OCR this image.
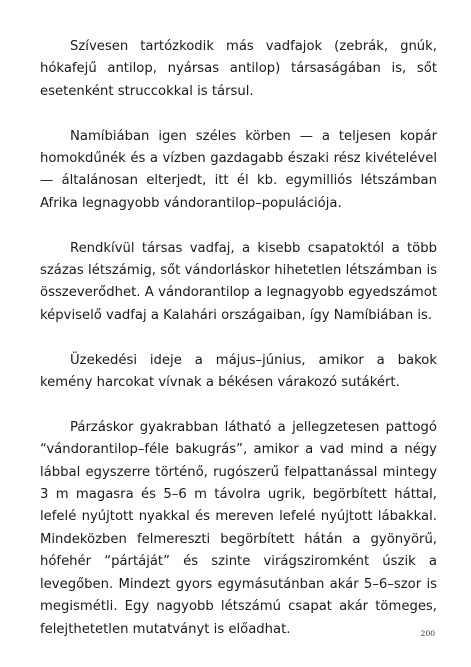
Szívesen tartózkodik más vadfajok (zebrák, gnúk, hókafejű antilop, nyársas antilop) társaságában is, sőt esetenként struccokkal is társul.

Namíbiában igen széles körben — a teljesen kopár homokdűnék és a vízben gazdagabb északi rész kivételével — általánosan elterjedt, itt él kb. egymilliós létszámban Afrika legnagyobb vándorantilop–populációja.

Rendkívül társas vadfaj, a kisebb csapatoktól a több százas létszámig, sőt vándorláskor hihetetlen létszámban is összeverődhet. A vándorantilop a legnagyobb egyedszámot képviselő vadfaj a Kalahári országaiban, így Namíbiában is.

Üzekedési ideje a május–június, amikor a bakok kemény harcokat vívnak a békésen várakozó sutákért.

Párzáskor gyakrabban látható a jellegzetesen pattogó “vándorantilop–féle bakugrás”, amikor a vad mind a négy lábbal egyszerre történő, rugószerű felpattanással mintegy 3 m magasra és 5–6 m távolra ugrik, begörbített háttal, lefelé nyújtott nyakkal és mereven lefelé nyújtott lábakkal. Mindeközben felmereszti begörbített hátán a gyönyörű, hófehér “pártáját” és szinte virágsziromként úszik a levegőben. Mindezt gyors egymásutánban akár 5–6–szor is megismétli. Egy nagyobb létszámú csapat akár tömeges, felejthetetlen mutatványt is előadhat.	200
